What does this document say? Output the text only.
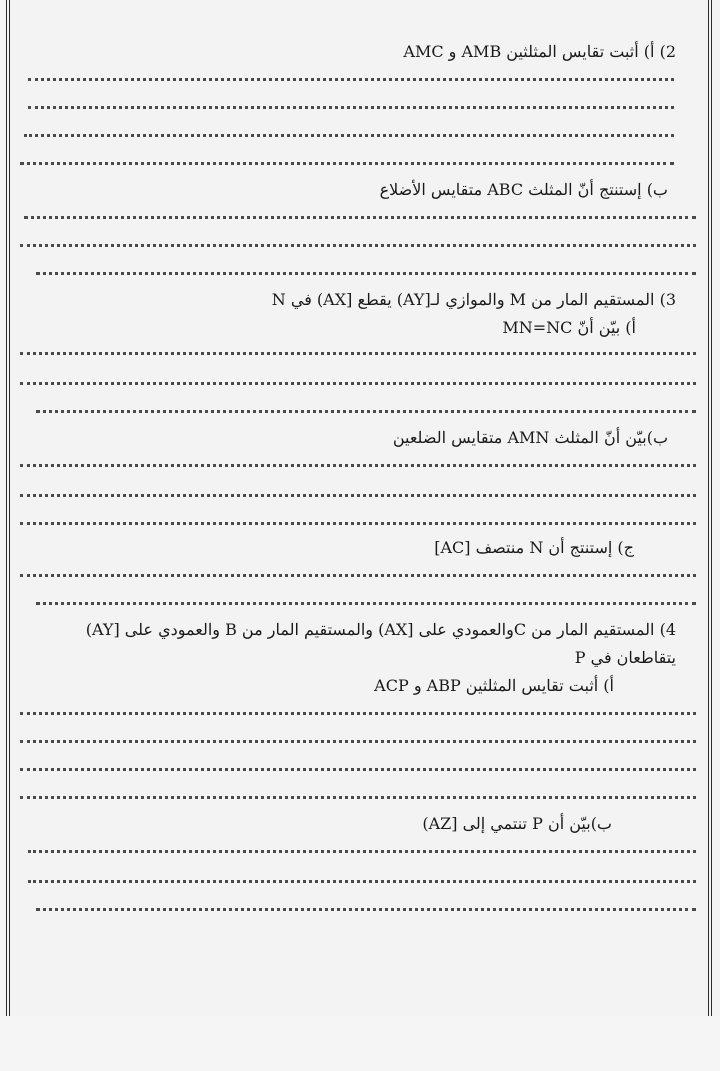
2) أ) أثبت تقايس المثلثين AMB و AMC
ب) إستنتج أنّ المثلث ABC متقايس الأضلاع
3) المستقيم المار من M والموازي لـ[AY) يقطع [AX) في N
أ) بيّن أنّ MN=NC
ب)بيّن أنّ المثلث AMN متقايس الضلعين
ج) إستنتج أن N منتصف [AC]
4) المستقيم المار من Cوالعمودي على [AX) والمستقيم المار من B والعمودي على [AY)
يتقاطعان في P
أ) أثبت تقايس المثلثين ABP و ACP
ب)بيّن أن P تنتمي إلى [AZ)
